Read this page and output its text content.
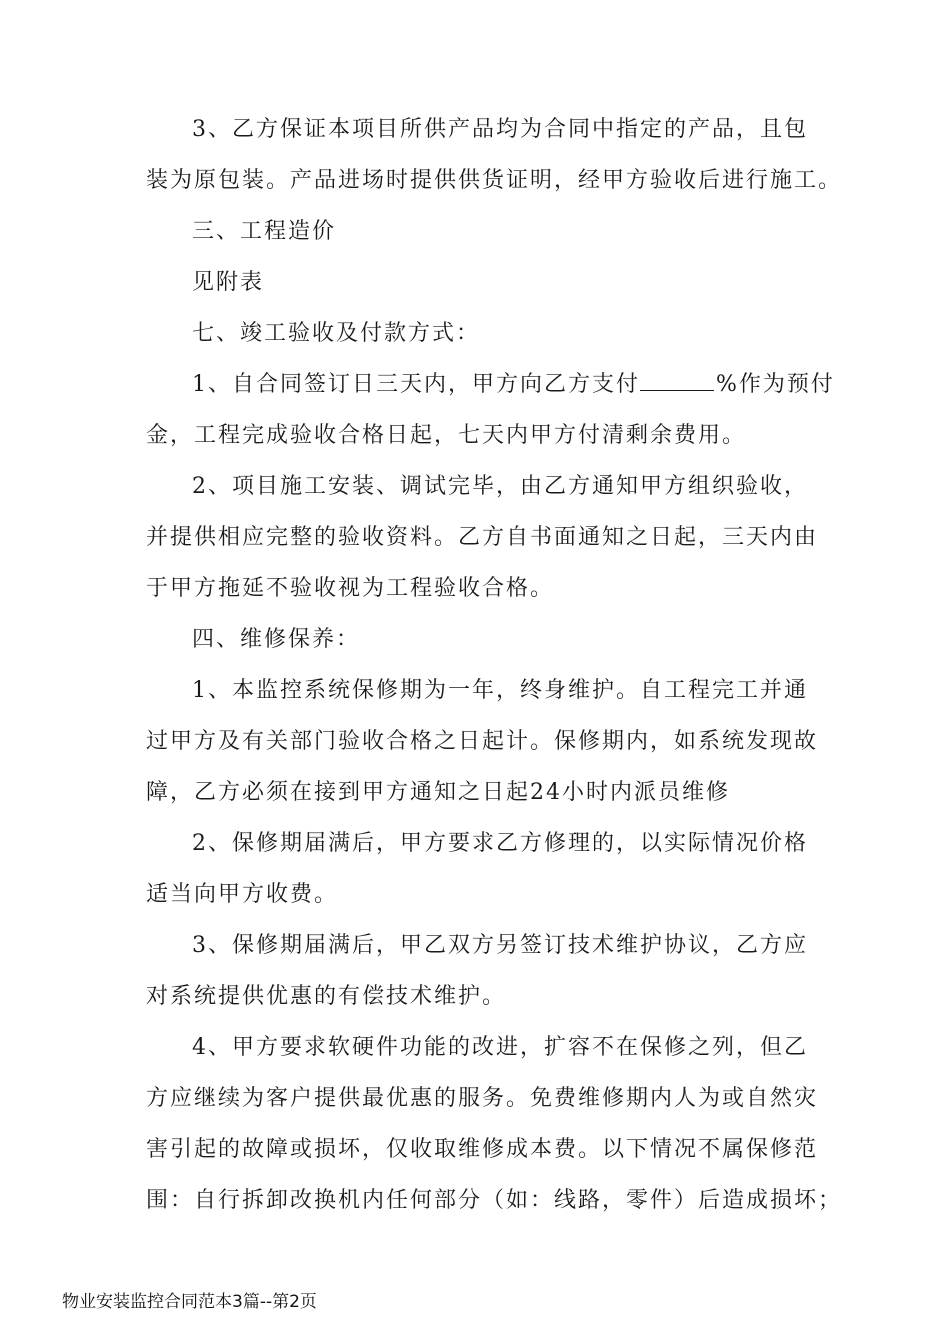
3、乙方保证本项目所供产品均为合同中指定的产品，且包

装为原包装。产品进场时提供供货证明，经甲方验收后进行施工。

三、工程造价

见附表

七、竣工验收及付款方式：

1、自合同签订日三天内，甲方向乙方支付	%作为预付

金，工程完成验收合格日起，七天内甲方付清剩余费用。

2、项目施工安装、调试完毕，由乙方通知甲方组织验收，

并提供相应完整的验收资料。乙方自书面通知之日起，三天内由

于甲方拖延不验收视为工程验收合格。

四、维修保养：

1、本监控系统保修期为一年，终身维护。自工程完工并通

过甲方及有关部门验收合格之日起计。保修期内，如系统发现故

障，乙方必须在接到甲方通知之日起24小时内派员维修

2、保修期届满后，甲方要求乙方修理的，以实际情况价格

适当向甲方收费。

3、保修期届满后，甲乙双方另签订技术维护协议，乙方应

对系统提供优惠的有偿技术维护。

4、甲方要求软硬件功能的改进，扩容不在保修之列，但乙

方应继续为客户提供最优惠的服务。免费维修期内人为或自然灾

害引起的故障或损坏，仅收取维修成本费。以下情况不属保修范

围：自行拆卸改换机内任何部分（如：线路，零件）后造成损坏；

物业安装监控合同范本3篇--第2页
